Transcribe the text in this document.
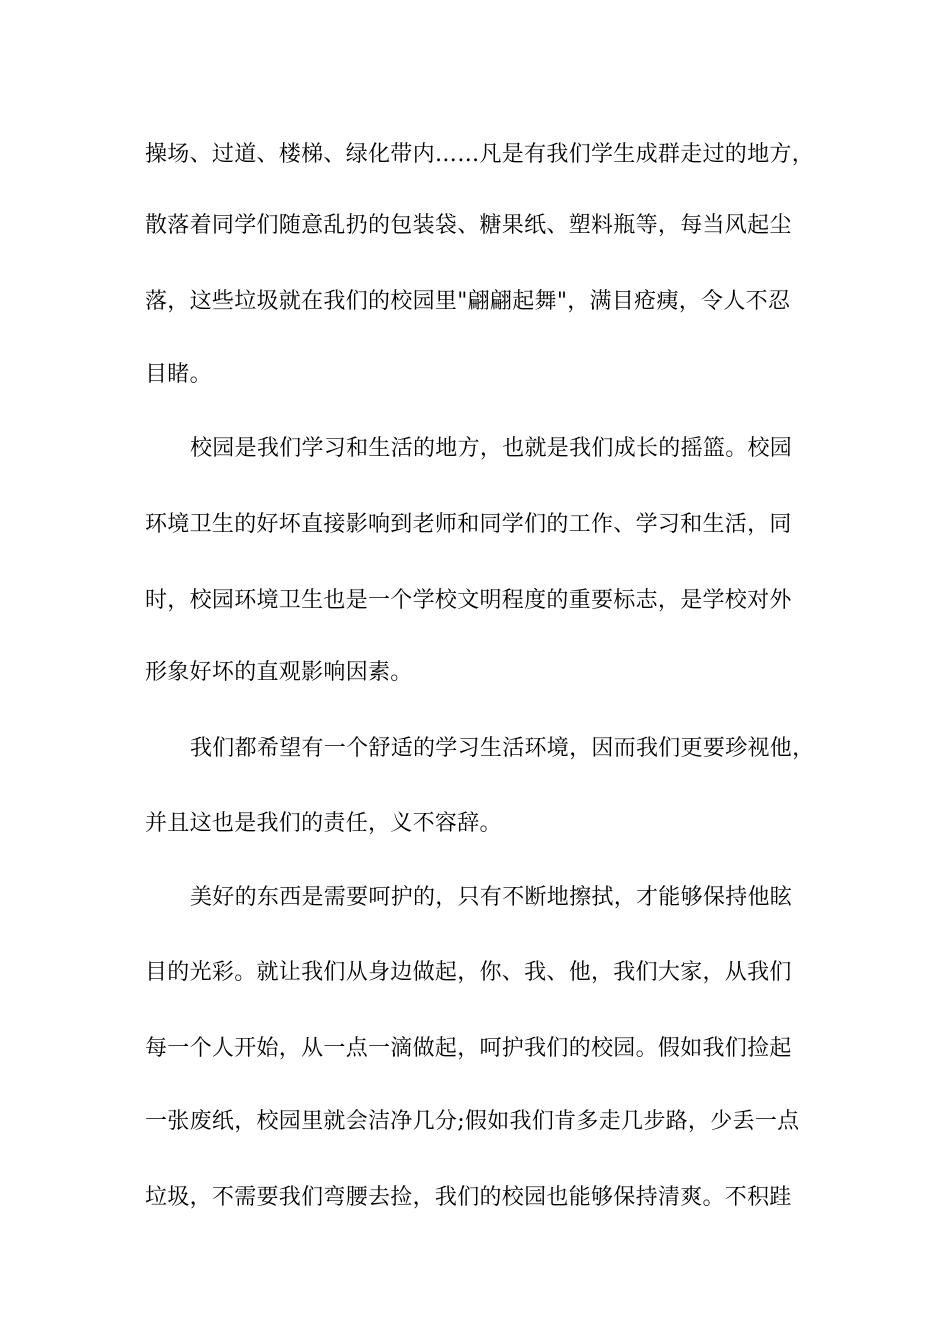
操场、过道、楼梯、绿化带内……凡是有我们学生成群走过的地方，
散落着同学们随意乱扔的包装袋、糖果纸、塑料瓶等，每当风起尘
落，这些垃圾就在我们的校园里"翩翩起舞"，满目疮痍，令人不忍
目睹。
校园是我们学习和生活的地方，也就是我们成长的摇篮。校园
环境卫生的好坏直接影响到老师和同学们的工作、学习和生活，同
时，校园环境卫生也是一个学校文明程度的重要标志，是学校对外
形象好坏的直观影响因素。
我们都希望有一个舒适的学习生活环境，因而我们更要珍视他，
并且这也是我们的责任，义不容辞。
美好的东西是需要呵护的，只有不断地擦拭，才能够保持他眩
目的光彩。就让我们从身边做起，你、我、他，我们大家，从我们
每一个人开始，从一点一滴做起，呵护我们的校园。假如我们捡起
一张废纸，校园里就会洁净几分;假如我们肯多走几步路，少丢一点
垃圾，不需要我们弯腰去捡，我们的校园也能够保持清爽。不积跬
